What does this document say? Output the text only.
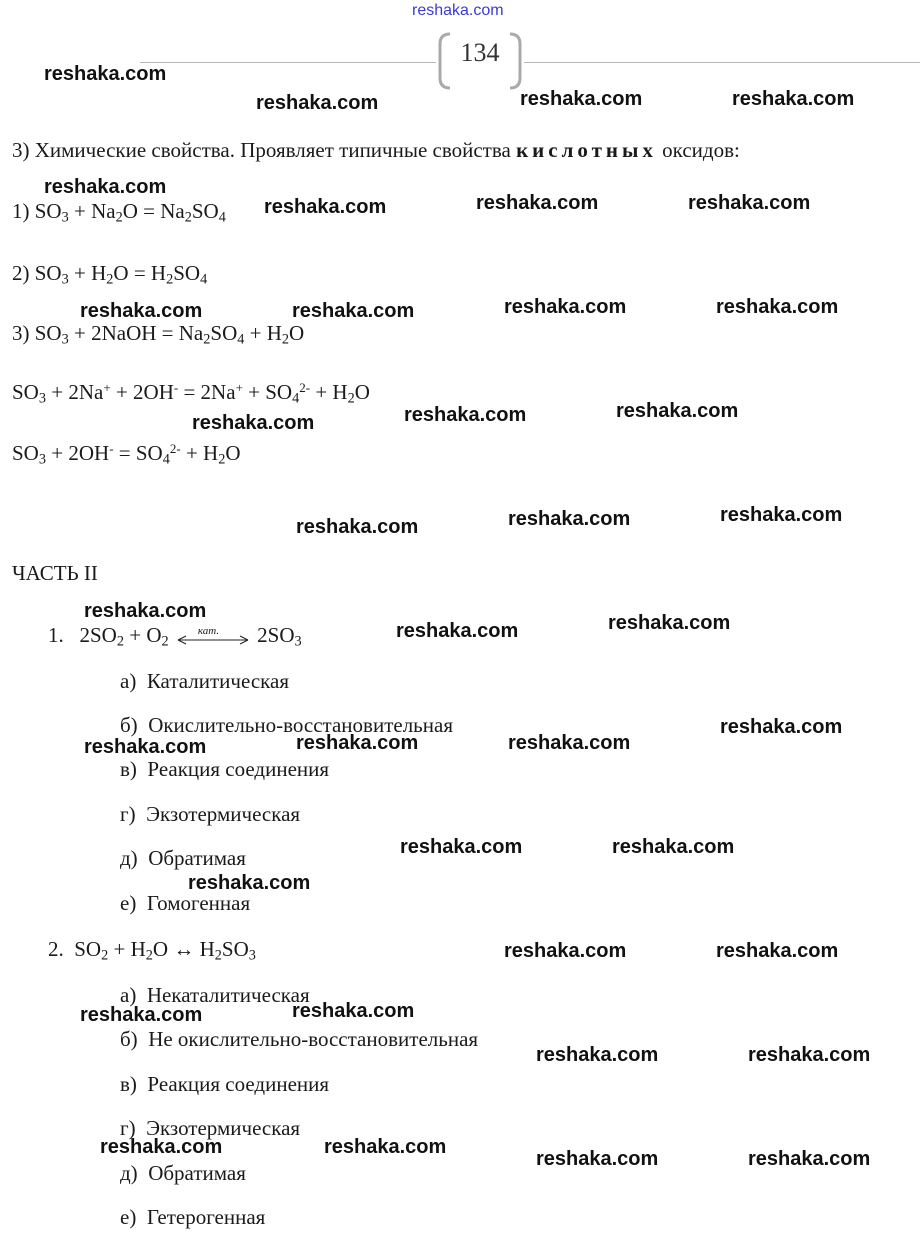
reshaka.com
134
3) Химические свойства. Проявляет типичные свойства кислотных оксидов:
1) $SO_3 + Na_2O = Na_2SO_4$
2) $SO_3 + H_2O = H_2SO_4$
3) $SO_3$ + 2NaOH = $Na_2SO_4 + H_2O$
$SO_3 + 2Na^+ + 2OH^- = 2Na^+ + SO_4^{2-} + H_2O$
$SO_3 + 2OH^- = SO_4^{2-} + H_2O$
ЧАСТЬ II
1. $2SO_2 + O_2$
кат. $2SO_3$
а) Каталитическая
б) Окислительно-восстановительная
в) Реакция соединения
г) Экзотермическая
д) Обратимая
е) Гомогенная
2. $SO_2 + H_2O$ ↔ $H_2SO_3$
а) Некаталитическая
б) Не окислительно-восстановительная
в) Реакция соединения
г) Экзотермическая
д) Обратимая
е) Гетерогенная
reshaka.com
reshaka.com	reshaka.com	reshaka.com
reshaka.com
reshaka.com	reshaka.com	reshaka.com
reshaka.com	reshaka.com	reshaka.com	reshaka.com
reshaka.com	reshaka.com	reshaka.com
reshaka.com	reshaka.com	reshaka.com
reshaka.com
reshaka.com	reshaka.com
reshaka.com
reshaka.com	reshaka.com	reshaka.com
reshaka.com	reshaka.com
reshaka.com
reshaka.com	reshaka.com
reshaka.com
reshaka.com
reshaka.com	reshaka.com
reshaka.com	reshaka.com
reshaka.com	reshaka.com
